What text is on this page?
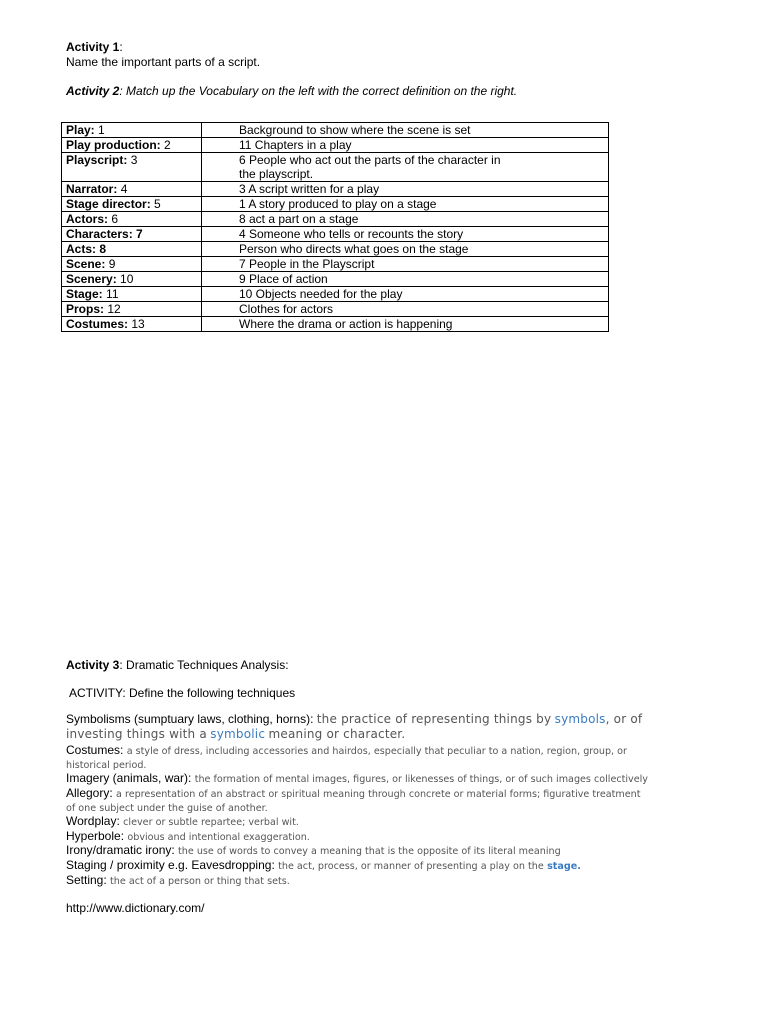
Activity 1:
Name the important parts of a script.
Activity 2: Match up the Vocabulary on the left with the correct definition on the right.
Play: 1	Background to show where the scene is set
Play production: 2	11 Chapters in a play
Playscript: 3	6 People who act out the parts of the character in
the playscript.

Narrator: 4	3 A script written for a play
Stage director: 5	1 A story produced to play on a stage
Actors: 6	8 act a part on a stage
Characters: 7	4 Someone who tells or recounts the story
Acts: 8	Person who directs what goes on the stage
Scene: 9	7 People in the Playscript
Scenery: 10	9 Place of action
Stage: 11	10 Objects needed for the play
Props: 12	Clothes for actors
Costumes: 13	Where the drama or action is happening
Activity 3: Dramatic Techniques Analysis:
ACTIVITY: Define the following techniques
Symbolisms (sumptuary laws, clothing, horns): the practice of representing things by symbols, or of
investing things with a symbolic meaning or character.
Costumes: a style of dress, including accessories and hairdos, especially that peculiar to a nation, region, group, or
historical period.
Imagery (animals, war): the formation of mental images, figures, or likenesses of things, or of such images collectively
Allegory: a representation of an abstract or spiritual meaning through concrete or material forms; figurative treatment
of one subject under the guise of another.
Wordplay: clever or subtle repartee; verbal wit.
Hyperbole: obvious and intentional exaggeration.
Irony/dramatic irony: the use of words to convey a meaning that is the opposite of its literal meaning
Staging / proximity e.g. Eavesdropping: the act, process, or manner of presenting a play on the stage.
Setting: the act of a person or thing that sets.
http://www.dictionary.com/
